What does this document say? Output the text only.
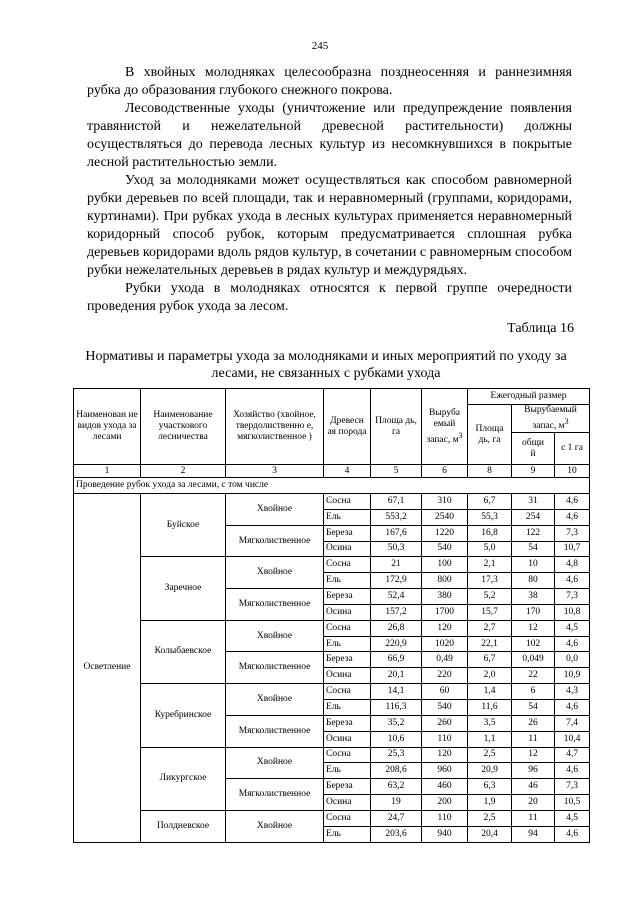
245

В хвойных молодняках целесообразна позднеосенняя и раннезимняя рубка до образования глубокого снежного покрова.

Лесоводственные уходы (уничтожение или предупреждение появления травянистой и нежелательной древесной растительности) должны осуществляться до перевода лесных культур из несомкнувшихся в покрытые лесной растительностью земли.

Уход за молодняками может осуществляться как способом равномерной рубки деревьев по всей площади, так и неравномерный (группами, коридорами, куртинами). При рубках ухода в лесных культурах применяется неравномерный коридорный способ рубок, которым предусматривается сплошная рубка деревьев коридорами вдоль рядов культур, в сочетании с равномерным способом рубки нежелательных деревьев в рядах культур и междурядьях.

Рубки ухода в молодняках относятся к первой группе очередности проведения рубок ухода за лесом.

Таблица 16
Нормативы и параметры ухода за молодняками и иных мероприятий по уходу за лесами, не связанных с рубками ухода
Наименован ие видов ухода за лесами	Наименование участкового лесничества	Хозяйство (хвойное, твердолиственно е, мягколиственное )	Древесн ая порода	Площа дь, га	Выруба емый запас, $м^3$	Ежегодный размер		
						Площа дь, га	Вырубаемый запас, $м^3$
							общи й	с 1 га
1	2	3	4	5	6	8	9	10
Проведение рубок ухода за лесами, с том числе								
Осветление	Буйское	Хвойное	Сосна	67,1	310	6,7	31	4,6
			Ель	553,2	2540	55,3	254	4,6
		Мягколиственное	Береза	167,6	1220	16,8	122	7,3
			Осина	50,3	540	5,0	54	10,7
	Заречное	Хвойное	Сосна	21	100	2,1	10	4,8
			Ель	172,9	800	17,3	80	4,6
		Мягколиственное	Береза	52,4	380	5,2	38	7,3
			Осина	157,2	1700	15,7	170	10,8
	Колыбаевское	Хвойное	Сосна	26,8	120	2,7	12	4,5
			Ель	220,9	1020	22,1	102	4,6
		Мягколиственное	Береза	66,9	0,49	6,7	0,049	0,0
			Осина	20,1	220	2,0	22	10,9
	Куребринское	Хвойное	Сосна	14,1	60	1,4	6	4,3
			Ель	116,3	540	11,6	54	4,6
		Мягколиственное	Береза	35,2	260	3,5	26	7,4
			Осина	10,6	110	1,1	11	10,4
	Ликургское	Хвойное	Сосна	25,3	120	2,5	12	4,7
			Ель	208,6	960	20,9	96	4,6
		Мягколиственное	Береза	63,2	460	6,3	46	7,3
			Осина	19	200	1,9	20	10,5
	Полдневское	Хвойное	Сосна	24,7	110	2,5	11	4,5
			Ель	203,6	940	20,4	94	4,6
